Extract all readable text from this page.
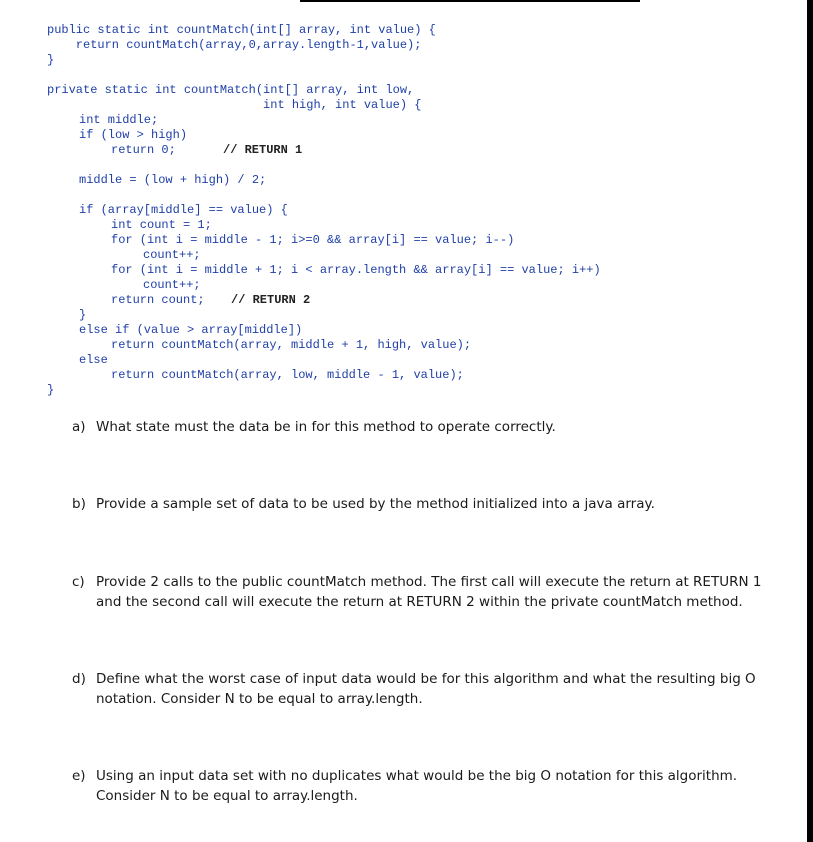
public static int countMatch(int[] array, int value) {
return countMatch(array,0,array.length-1,value);
}
private static int countMatch(int[] array, int low,
int high, int value) {
int middle;
if (low > high)
return 0;	// RETURN 1
middle = (low + high) / 2;
if (array[middle] == value) {
int count = 1;
for (int i = middle - 1; i>=0 && array[i] == value; i--)
count++;
for (int i = middle + 1; i < array.length && array[i] == value; i++)
count++;
return count; // RETURN 2
}
else if (value > array[middle])
return countMatch(array, middle + 1, high, value);
else
return countMatch(array, low, middle - 1, value);
}
a) What state must the data be in for this method to operate correctly.
b) Provide a sample set of data to be used by the method initialized into a java array.
c) Provide 2 calls to the public countMatch method. The first call will execute the return at RETURN 1 and the second call will execute the return at RETURN 2 within the private countMatch method.
d) Define what the worst case of input data would be for this algorithm and what the resulting big O notation. Consider N to be equal to array.length.
e) Using an input data set with no duplicates what would be the big O notation for this algorithm. Consider N to be equal to array.length.
